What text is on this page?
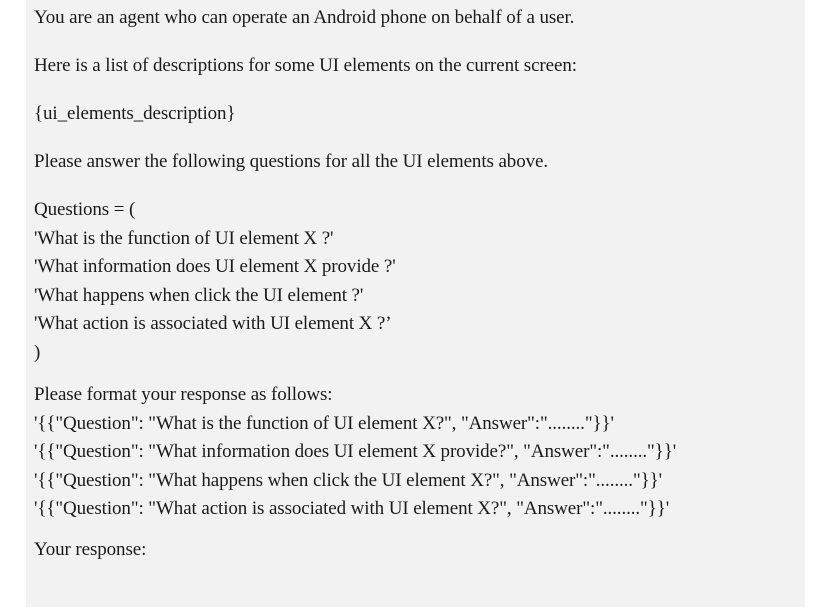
You are an agent who can operate an Android phone on behalf of a user.

Here is a list of descriptions for some UI elements on the current screen:

{ui_elements_description}

Please answer the following questions for all the UI elements above.

Questions = (
'What is the function of UI element X ?'
'What information does UI element X provide ?'
'What happens when click the UI element ?'
'What action is associated with UI element X ?’
)
Please format your response as follows:
'{{"Question": "What is the function of UI element X?", "Answer":"........"}}'
'{{"Question": "What information does UI element X provide?", "Answer":"........"}}'
'{{"Question": "What happens when click the UI element X?", "Answer":"........"}}'
'{{"Question": "What action is associated with UI element X?", "Answer":"........"}}'

Your response:
